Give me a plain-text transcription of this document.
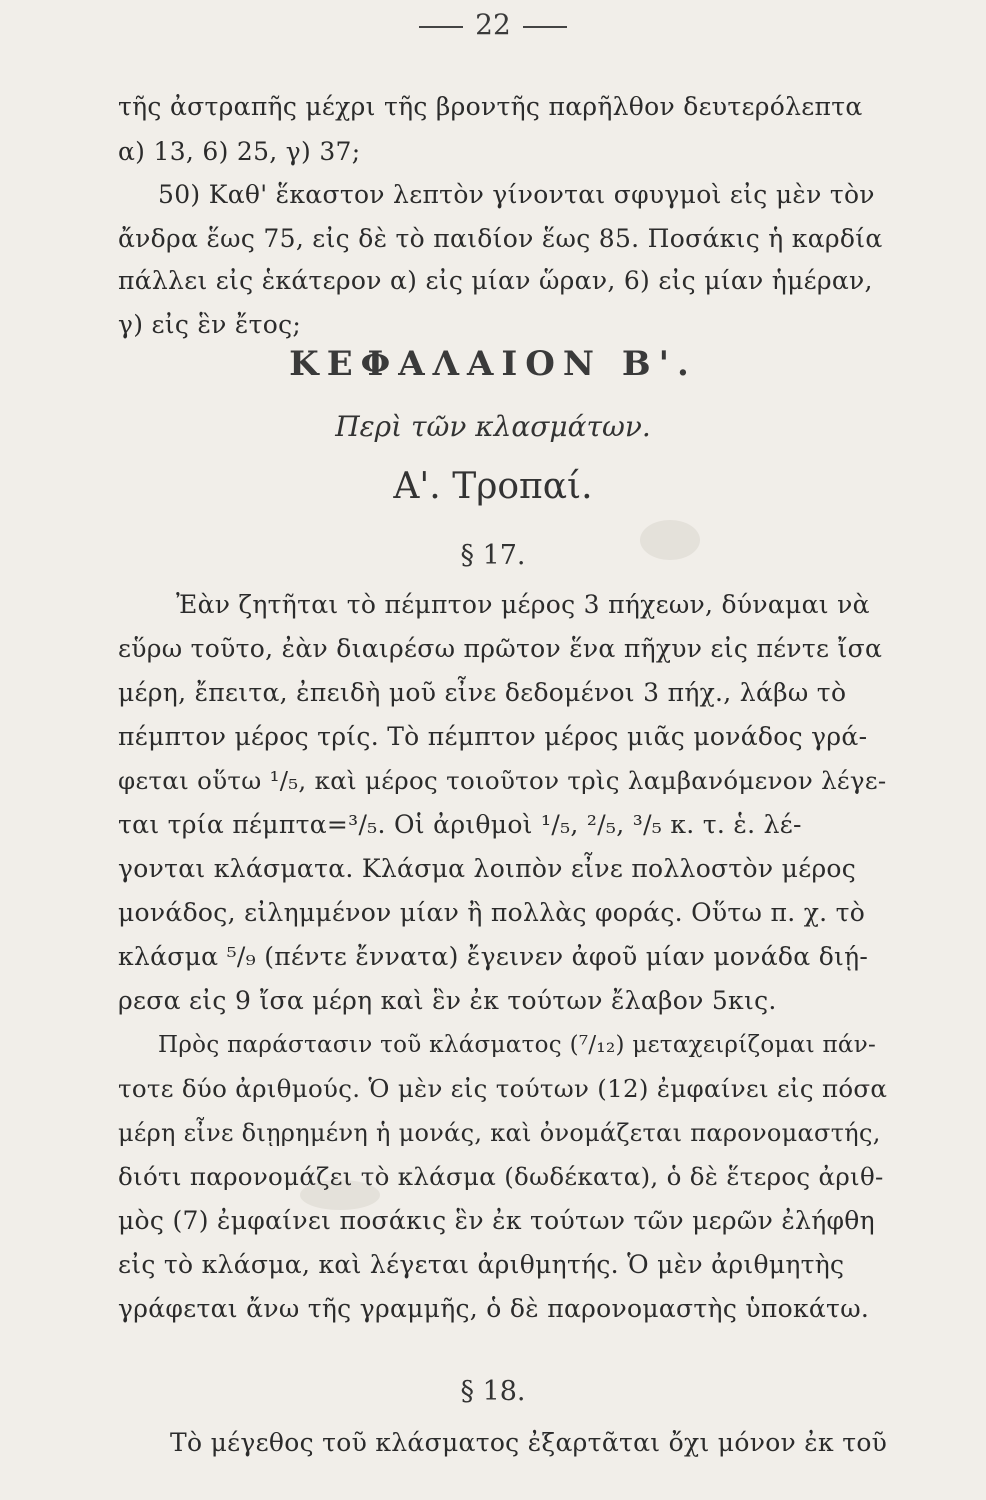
22
τῆς ἀστραπῆς μέχρι τῆς βροντῆς παρῆλθον δευτερόλεπτα
α) 13, 6) 25, γ) 37;
50) Καθ' ἕκαστον λεπτὸν γίνονται σφυγμοὶ εἰς μὲν τὸν
ἄνδρα ἕως 75, εἰς δὲ τὸ παιδίον ἕως 85. Ποσάκις ἡ καρδία
πάλλει εἰς ἑκάτερον α) εἰς μίαν ὥραν, 6) εἰς μίαν ἡμέραν,
γ) εἰς ἓν ἔτος;
ΚΕΦΑΛΑΙΟΝ Β'.
Περὶ τῶν κλασμάτων.
Α'. Τροπαί.
§ 17.
Ἐὰν ζητῆται τὸ πέμπτον μέρος 3 πήχεων, δύναμαι νὰ
εὕρω τοῦτο, ἐὰν διαιρέσω πρῶτον ἕνα πῆχυν εἰς πέντε ἴσα
μέρη, ἔπειτα, ἐπειδὴ μοῦ εἶνε δεδομένοι 3 πήχ., λάβω τὸ
πέμπτον μέρος τρίς. Τὸ πέμπτον μέρος μιᾶς μονάδος γρά-
φεται οὕτω ¹/₅, καὶ μέρος τοιοῦτον τρὶς λαμβανόμενον λέγε-
ται τρία πέμπτα=³/₅. Οἱ ἀριθμοὶ ¹/₅, ²/₅, ³/₅ κ. τ. ἑ. λέ-
γονται κλάσματα. Κλάσμα λοιπὸν εἶνε πολλοστὸν μέρος
μονάδος, εἰλημμένον μίαν ἢ πολλὰς φοράς. Οὕτω π. χ. τὸ
κλάσμα ⁵/₉ (πέντε ἔννατα) ἔγεινεν ἀφοῦ μίαν μονάδα διῄ-
ρεσα εἰς 9 ἴσα μέρη καὶ ἓν ἐκ τούτων ἔλαβον 5κις.
Πρὸς παράστασιν τοῦ κλάσματος (⁷/₁₂) μεταχειρίζομαι πάν-
τοτε δύο ἀριθμούς. Ὁ μὲν εἰς τούτων (12) ἐμφαίνει εἰς πόσα
μέρη εἶνε διῃρημένη ἡ μονάς, καὶ ὀνομάζεται παρονομαστής,
διότι παρονομάζει τὸ κλάσμα (δωδέκατα), ὁ δὲ ἕτερος ἀριθ-
μὸς (7) ἐμφαίνει ποσάκις ἓν ἐκ τούτων τῶν μερῶν ἐλήφθη
εἰς τὸ κλάσμα, καὶ λέγεται ἀριθμητής. Ὁ μὲν ἀριθμητὴς
γράφεται ἄνω τῆς γραμμῆς, ὁ δὲ παρονομαστὴς ὑποκάτω.
§ 18.
Τὸ μέγεθος τοῦ κλάσματος ἐξαρτᾶται ὄχι μόνον ἐκ τοῦ
